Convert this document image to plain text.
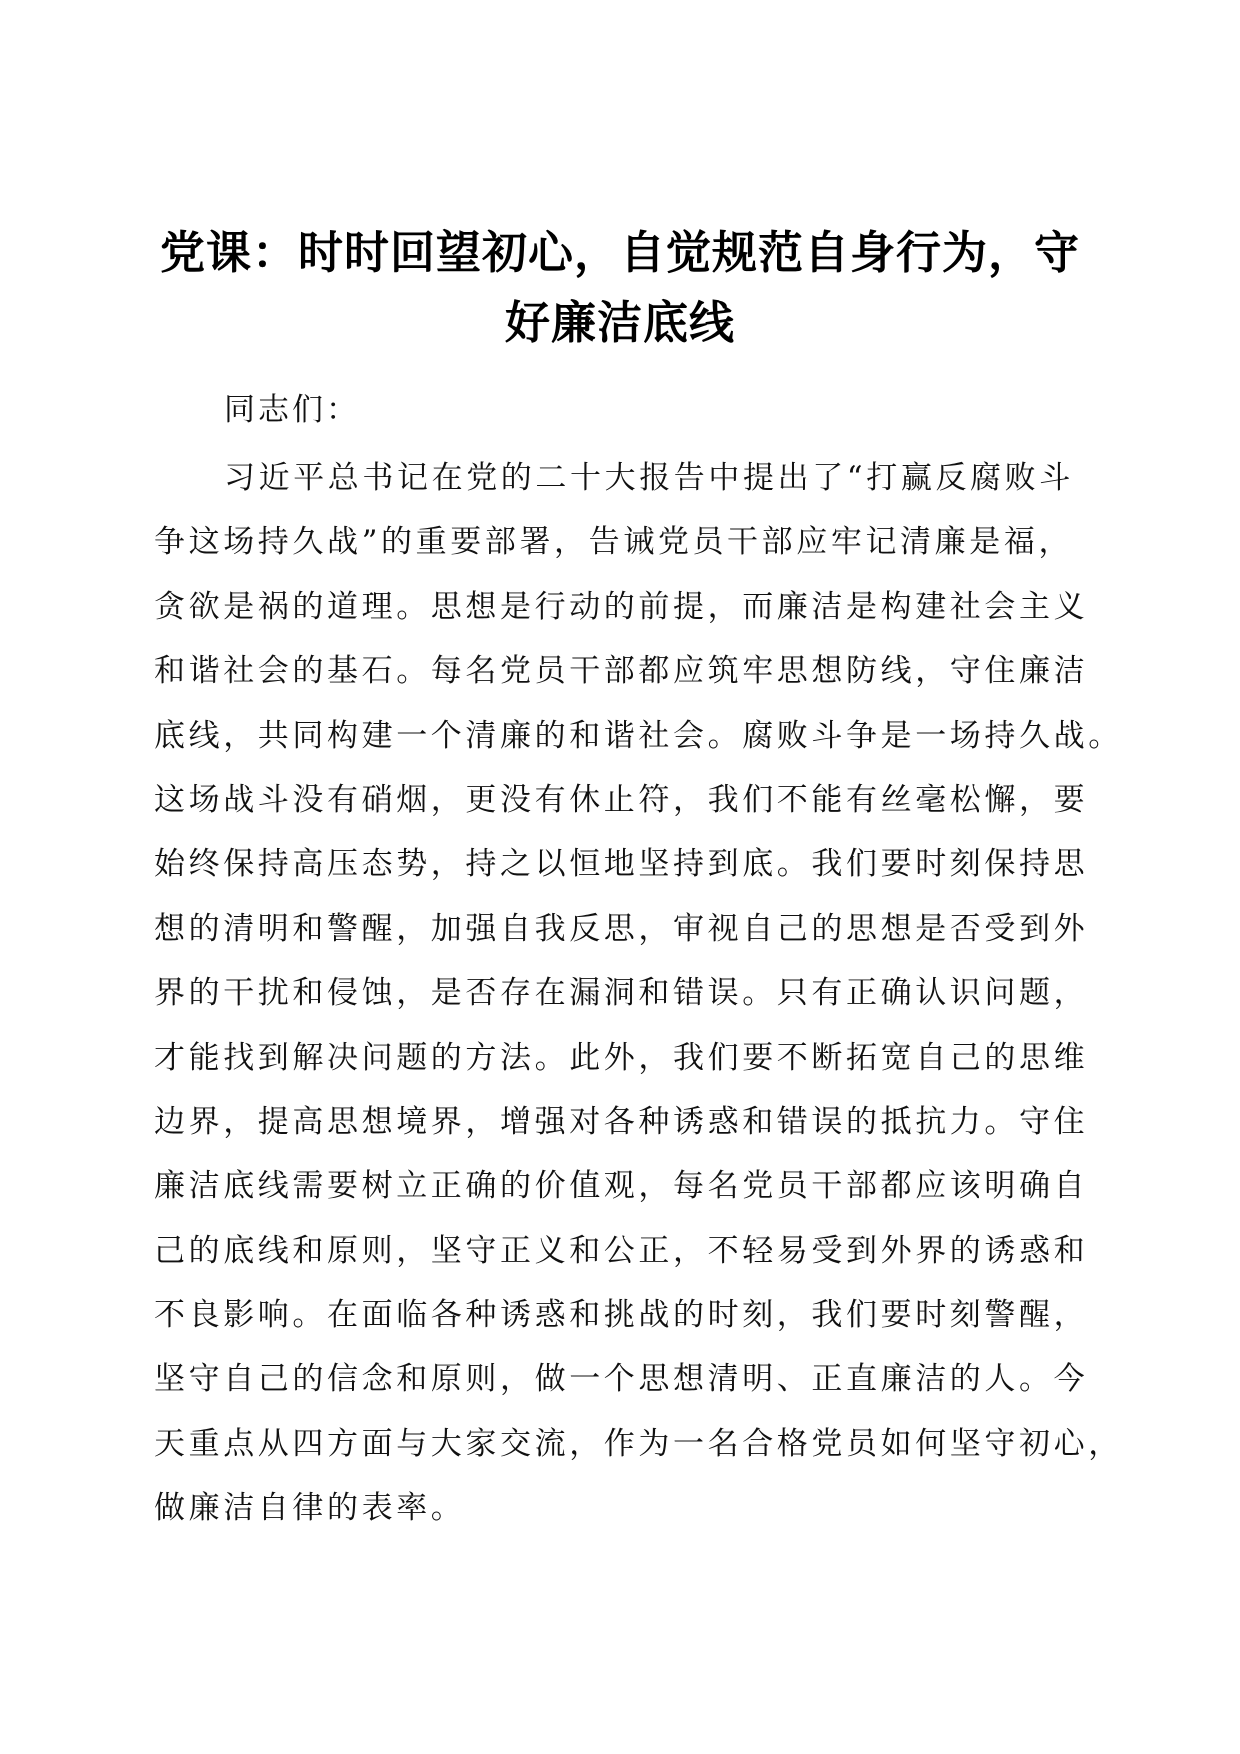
党课：时时回望初心，自觉规范自身行为，守
好廉洁底线
同志们：
习近平总书记在党的二十大报告中提出了“打赢反腐败斗
争这场持久战”的重要部署，告诫党员干部应牢记清廉是福，
贪欲是祸的道理。思想是行动的前提，而廉洁是构建社会主义
和谐社会的基石。每名党员干部都应筑牢思想防线，守住廉洁
底线，共同构建一个清廉的和谐社会。腐败斗争是一场持久战。
这场战斗没有硝烟，更没有休止符，我们不能有丝毫松懈，要
始终保持高压态势，持之以恒地坚持到底。我们要时刻保持思
想的清明和警醒，加强自我反思，审视自己的思想是否受到外
界的干扰和侵蚀，是否存在漏洞和错误。只有正确认识问题，
才能找到解决问题的方法。此外，我们要不断拓宽自己的思维
边界，提高思想境界，增强对各种诱惑和错误的抵抗力。守住
廉洁底线需要树立正确的价值观，每名党员干部都应该明确自
己的底线和原则，坚守正义和公正，不轻易受到外界的诱惑和
不良影响。在面临各种诱惑和挑战的时刻，我们要时刻警醒，
坚守自己的信念和原则，做一个思想清明、正直廉洁的人。今
天重点从四方面与大家交流，作为一名合格党员如何坚守初心，
做廉洁自律的表率。
